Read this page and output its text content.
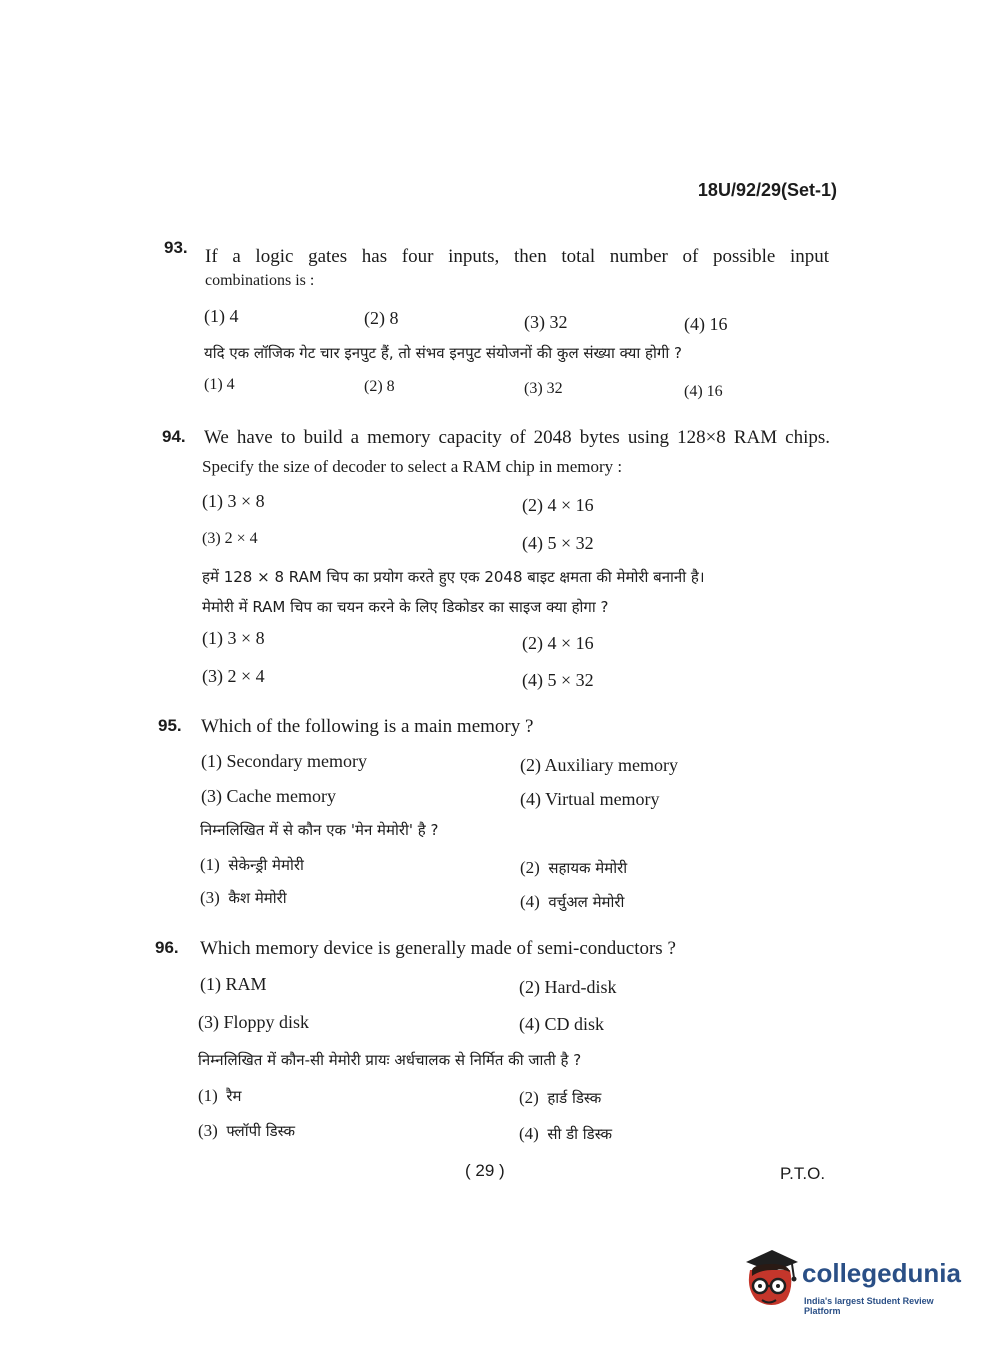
18U/92/29(Set-1)
93. If a logic gates has four inputs, then total number of possible input
combinations is :
(1) 4	(2) 8	(3) 32	(4) 16
यदि एक लॉजिक गेट चार इनपुट हैं, तो संभव इनपुट संयोजनों की कुल संख्या क्या होगी ?
(1) 4	(2) 8	(3) 32	(4) 16
94. We have to build a memory capacity of 2048 bytes using 128×8 RAM chips.
Specify the size of decoder to select a RAM chip in memory :
(1) 3 × 8	(2) 4 × 16
(3) 2 × 4	(4) 5 × 32
हमें 128 × 8 RAM चिप का प्रयोग करते हुए एक 2048 बाइट क्षमता की मेमोरी बनानी है।
मेमोरी में RAM चिप का चयन करने के लिए डिकोडर का साइज क्या होगा ?
(1) 3 × 8	(2) 4 × 16
(3) 2 × 4	(4) 5 × 32
95. Which of the following is a main memory ?
(1) Secondary memory	(2) Auxiliary memory
(3) Cache memory	(4) Virtual memory
निम्नलिखित में से कौन एक 'मेन मेमोरी' है ?
(1) सेकेन्ड्री मेमोरी	(2) सहायक मेमोरी
(3) कैश मेमोरी	(4) वर्चुअल मेमोरी
96. Which memory device is generally made of semi-conductors ?
(1) RAM	(2) Hard-disk
(3) Floppy disk	(4) CD disk
निम्नलिखित में कौन-सी मेमोरी प्रायः अर्धचालक से निर्मित की जाती है ?
(1) रैम	(2) हार्ड डिस्क
(3) फ्लॉपी डिस्क	(4) सी डी डिस्क
( 29 )	P.T.O.
collegedunia
India's largest Student Review Platform
